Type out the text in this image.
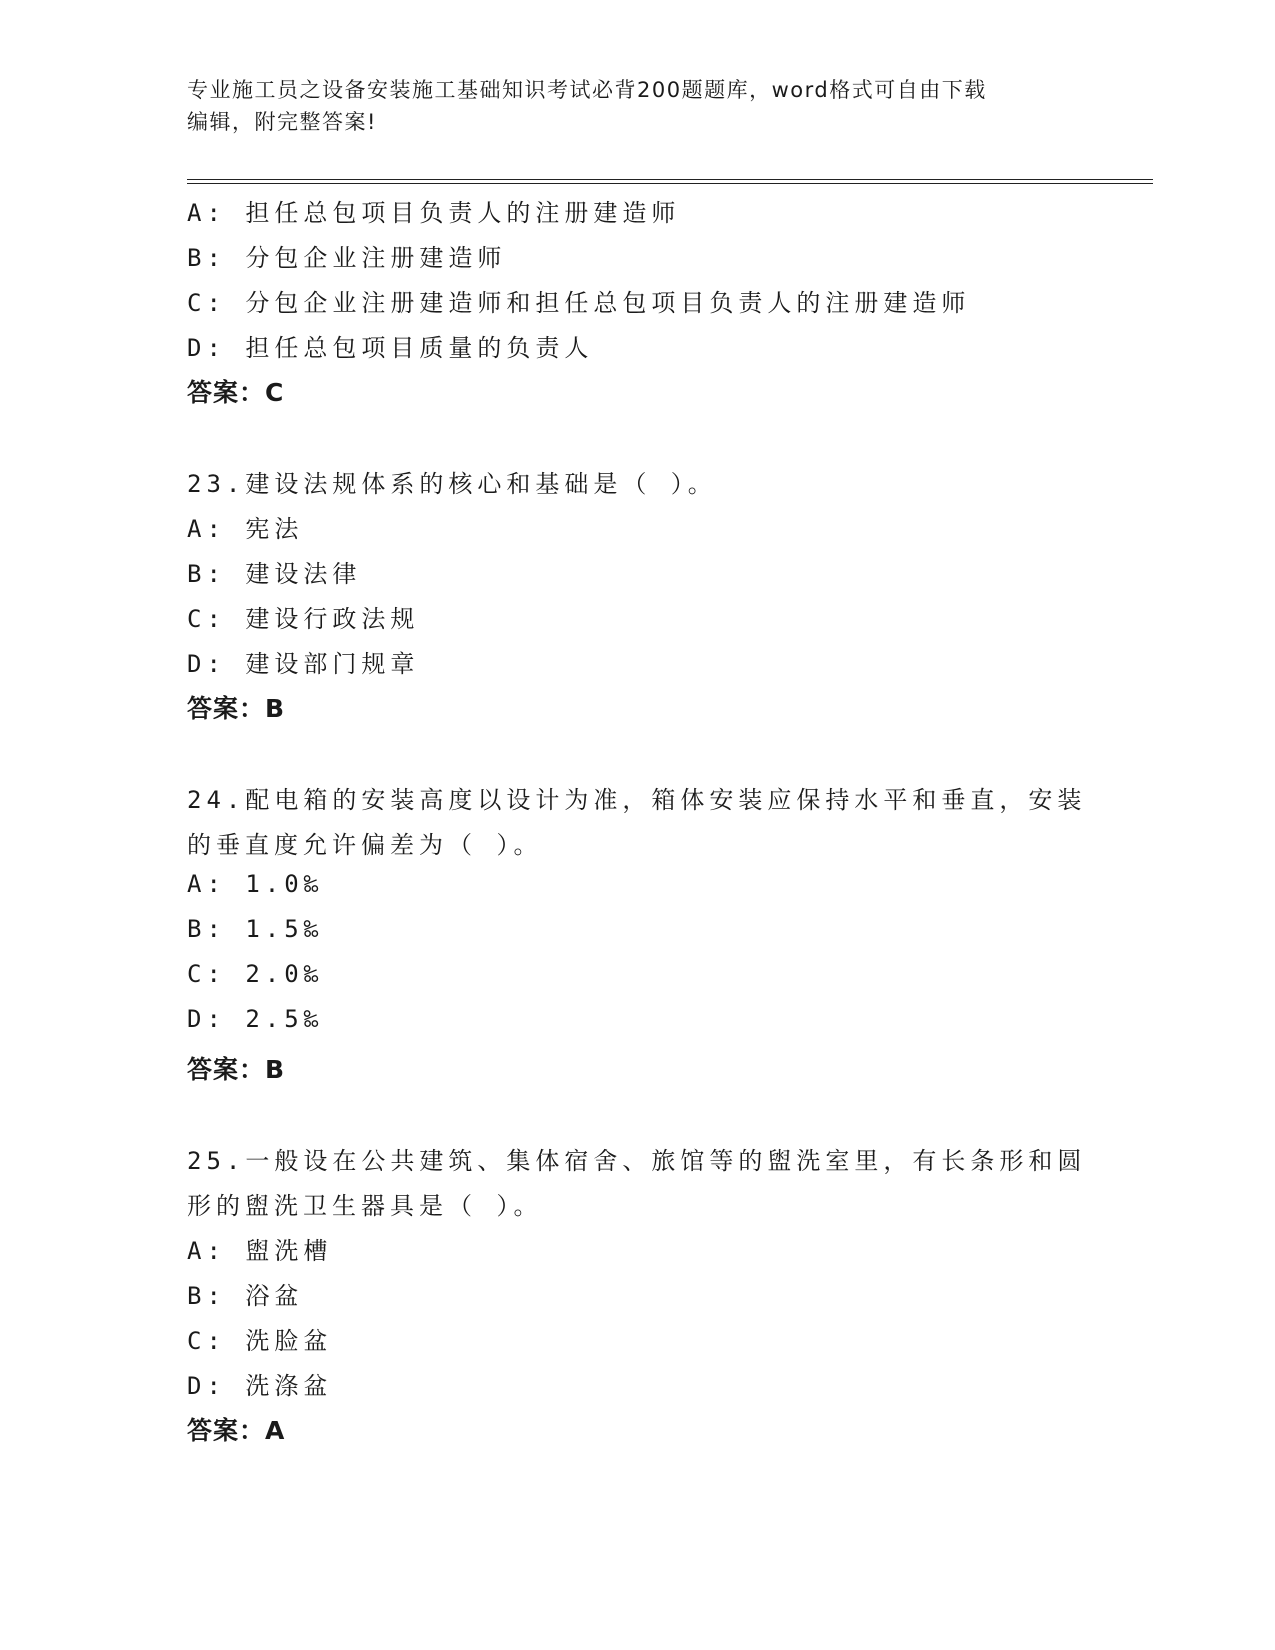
专业施工员之设备安装施工基础知识考试必背200题题库，word格式可自由下载
编辑，附完整答案!
A: 担任总包项目负责人的注册建造师
B: 分包企业注册建造师
C: 分包企业注册建造师和担任总包项目负责人的注册建造师
D: 担任总包项目质量的负责人
答案：C
23.建设法规体系的核心和基础是（ ）。
A: 宪法
B: 建设法律
C: 建设行政法规
D: 建设部门规章
答案：B
24.配电箱的安装高度以设计为准，箱体安装应保持水平和垂直，安装
的垂直度允许偏差为（ ）。
A: 1.0‰
B: 1.5‰
C: 2.0‰
D: 2.5‰
答案：B
25.一般设在公共建筑、集体宿舍、旅馆等的盥洗室里，有长条形和圆
形的盥洗卫生器具是（ ）。
A: 盥洗槽
B: 浴盆
C: 洗脸盆
D: 洗涤盆
答案：A
